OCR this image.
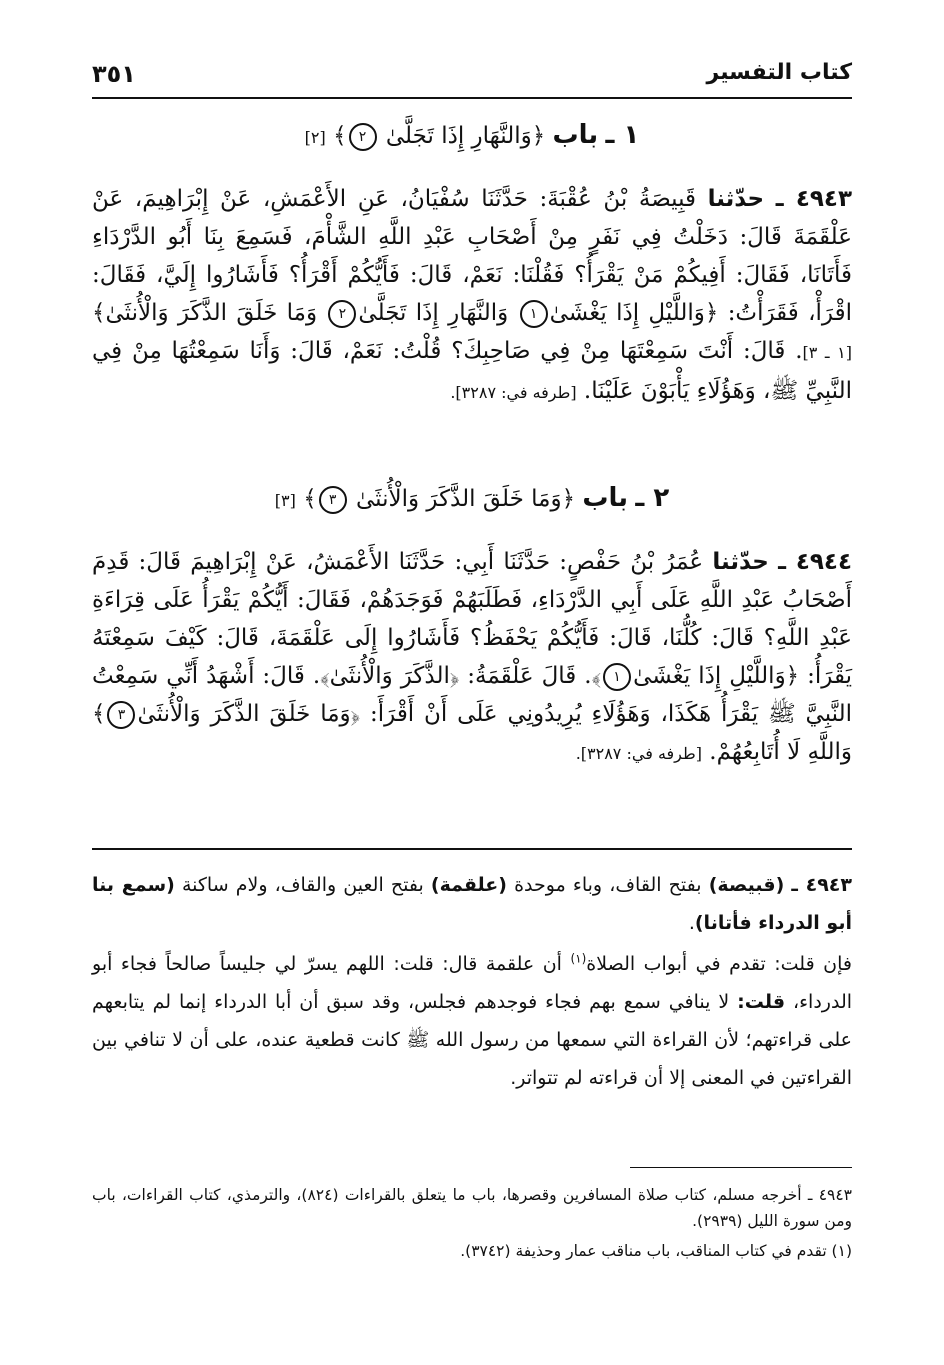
كتاب التفسير
٣٥١
١ ـ باب ﴿وَالنَّهَارِ إِذَا تَجَلَّىٰ ٢﴾ [٢]
٤٩٤٣ ـ حدّثنا قَبِيصَةُ بْنُ عُقْبَةَ: حَدَّثَنَا سُفْيَانُ، عَنِ الأَعْمَشِ، عَنْ إِبْرَاهِيمَ، عَنْ عَلْقَمَةَ قَالَ: دَخَلْتُ فِي نَفَرٍ مِنْ أَصْحَابِ عَبْدِ اللَّهِ الشَّأْمَ، فَسَمِعَ بِنَا أَبُو الدَّرْدَاءِ فَأَتَانَا، فَقَالَ: أَفِيكُمْ مَنْ يَقْرَأُ؟ فَقُلْنَا: نَعَمْ، قَالَ: فَأَيُّكُمْ أَقْرَأُ؟ فَأَشَارُوا إِلَيَّ، فَقَالَ: اقْرَأْ، فَقَرَأْتُ: ﴿وَاللَّيْلِ إِذَا يَغْشَىٰ١ وَالنَّهَارِ إِذَا تَجَلَّىٰ٢ وَمَا خَلَقَ الذَّكَرَ وَالْأُنثَىٰ﴾ [١ ـ ٣]. قَالَ: أَنْتَ سَمِعْتَهَا مِنْ فِي صَاحِبِكَ؟ قُلْتُ: نَعَمْ، قَالَ: وَأَنَا سَمِعْتُهَا مِنْ فِي النَّبِيِّ ﷺ، وَهَؤُلَاءِ يَأْبَوْنَ عَلَيْنَا. [طرفه في: ٣٢٨٧].
٢ ـ باب ﴿وَمَا خَلَقَ الذَّكَرَ وَالْأُنثَىٰ ٣﴾ [٣]
٤٩٤٤ ـ حدّثنا عُمَرُ بْنُ حَفْصٍ: حَدَّثَنَا أَبِي: حَدَّثَنَا الأَعْمَشُ، عَنْ إِبْرَاهِيمَ قَالَ: قَدِمَ أَصْحَابُ عَبْدِ اللَّهِ عَلَى أَبِي الدَّرْدَاءِ، فَطَلَبَهُمْ فَوَجَدَهُمْ، فَقَالَ: أَيُّكُمْ يَقْرَأُ عَلَى قِرَاءَةِ عَبْدِ اللَّهِ؟ قَالَ: كُلُّنَا، قَالَ: فَأَيُّكُمْ يَحْفَظُ؟ فَأَشَارُوا إِلَى عَلْقَمَةَ، قَالَ: كَيْفَ سَمِعْتَهُ يَقْرَأُ: ﴿وَاللَّيْلِ إِذَا يَغْشَىٰ١﴾. قَالَ عَلْقَمَةُ: ﴿الذَّكَرَ وَالْأُنثَىٰ﴾. قَالَ: أَشْهَدُ أَنِّي سَمِعْتُ النَّبِيَّ ﷺ يَقْرَأُ هَكَذَا، وَهَؤُلَاءِ يُرِيدُونِي عَلَى أَنْ أَقْرَأَ: ﴿وَمَا خَلَقَ الذَّكَرَ وَالْأُنثَىٰ٣﴾ وَاللَّهِ لَا أُتَابِعُهُمْ. [طرفه في: ٣٢٨٧].
٤٩٤٣ ـ (قبيصة) بفتح القاف، وباء موحدة (علقمة) بفتح العين والقاف، ولام ساكنة (سمع بنا أبو الدرداء فأتانا).
فإن قلت: تقدم في أبواب الصلاة$^{(١)}$ أن علقمة قال: قلت: اللهم يسرّ لي جليساً صالحاً فجاء أبو الدرداء، قلت: لا ينافي سمع بهم فجاء فوجدهم فجلس، وقد سبق أن أبا الدرداء إنما لم يتابعهم على قراءتهم؛ لأن القراءة التي سمعها من رسول الله ﷺ كانت قطعية عنده، على أن لا تنافي بين القراءتين في المعنى إلا أن قراءته لم تتواتر.

٤٩٤٣ ـ أخرجه مسلم، كتاب صلاة المسافرين وقصرها، باب ما يتعلق بالقراءات (٨٢٤)، والترمذي، كتاب القراءات، باب ومن سورة الليل (٢٩٣٩).

(١) تقدم في كتاب المناقب، باب مناقب عمار وحذيفة (٣٧٤٢).
